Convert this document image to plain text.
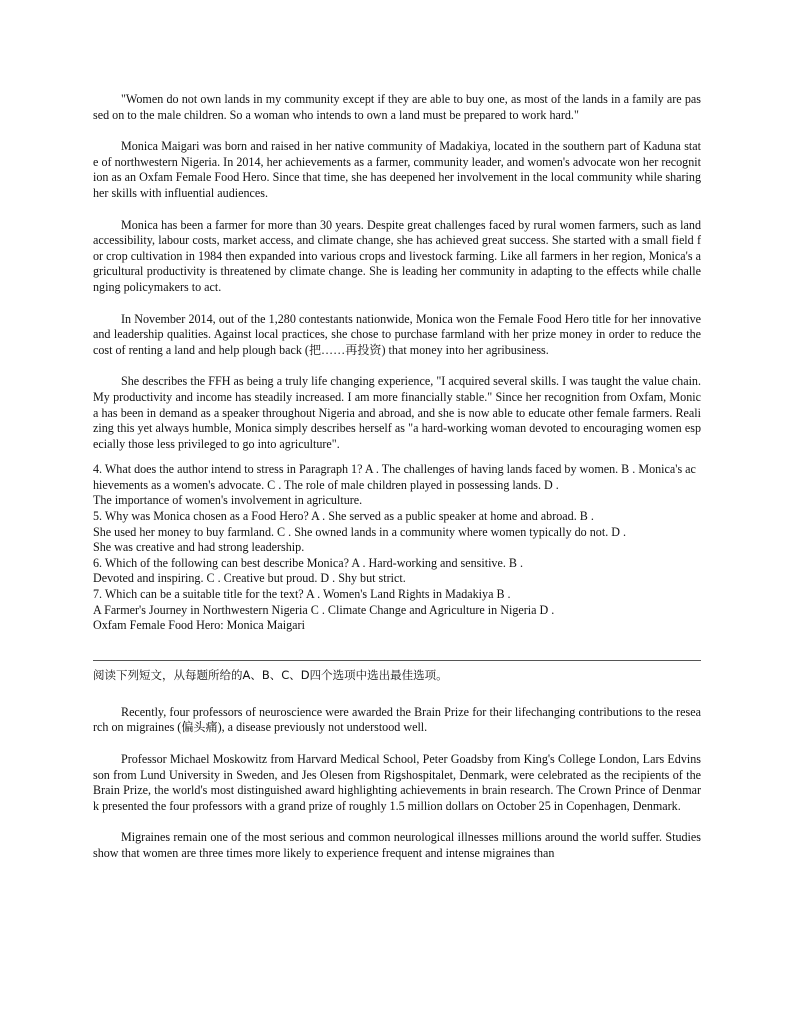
"Women do not own lands in my community except if they are able to buy one, as most of the lands in a family are passed on to the male children. So a woman who intends to own a land must be prepared to work hard."

Monica Maigari was born and raised in her native community of Madakiya, located in the southern part of Kaduna state of northwestern Nigeria. In 2014, her achievements as a farmer, community leader, and women's advocate won her recognition as an Oxfam Female Food Hero. Since that time, she has deepened her involvement in the local community while sharing her skills with influential audiences.

Monica has been a farmer for more than 30 years. Despite great challenges faced by rural women farmers, such as land accessibility, labour costs, market access, and climate change, she has achieved great success. She started with a small field for crop cultivation in 1984 then expanded into various crops and livestock farming. Like all farmers in her region, Monica's agricultural productivity is threatened by climate change. She is leading her community in adapting to the effects while challenging policymakers to act.

In November 2014, out of the 1,280 contestants nationwide, Monica won the Female Food Hero title for her innovative and leadership qualities. Against local practices, she chose to purchase farmland with her prize money in order to reduce the cost of renting a land and help plough back (把……再投资) that money into her agribusiness.

She describes the FFH as being a truly life changing experience, "I acquired several skills. I was taught the value chain. My productivity and income has steadily increased. I am more financially stable." Since her recognition from Oxfam, Monica has been in demand as a speaker throughout Nigeria and abroad, and she is now able to educate other female farmers. Realizing this yet always humble, Monica simply describes herself as "a hard-working woman devoted to encouraging women especially those less privileged to go into agriculture".

4. What does the author intend to stress in Paragraph 1? A . The challenges of having lands faced by women. B . Monica's achievements as a women's advocate. C . The role of male children played in possessing lands. D .

The importance of women's involvement in agriculture.

5. Why was Monica chosen as a Food Hero? A . She served as a public speaker at home and abroad. B .

She used her money to buy farmland. C . She owned lands in a community where women typically do not. D .

She was creative and had strong leadership.

6. Which of the following can best describe Monica? A . Hard-working and sensitive. B .

Devoted and inspiring. C . Creative but proud. D . Shy but strict.

7. Which can be a suitable title for the text? A . Women's Land Rights in Madakiya B .

A Farmer's Journey in Northwestern Nigeria C . Climate Change and Agriculture in Nigeria D .

Oxfam Female Food Hero: Monica Maigari

阅读下列短文，从每题所给的A、B、C、D四个选项中选出最佳选项。

Recently, four professors of neuroscience were awarded the Brain Prize for their lifechanging contributions to the research on migraines (偏头痛), a disease previously not understood well.

Professor Michael Moskowitz from Harvard Medical School, Peter Goadsby from King's College London, Lars Edvinsson from Lund University in Sweden, and Jes Olesen from Rigshospitalet, Denmark, were celebrated as the recipients of the Brain Prize, the world's most distinguished award highlighting achievements in brain research. The Crown Prince of Denmark presented the four professors with a grand prize of roughly 1.5 million dollars on October 25 in Copenhagen, Denmark.

Migraines remain one of the most serious and common neurological illnesses millions around the world suffer. Studies show that women are three times more likely to experience frequent and intense migraines than
